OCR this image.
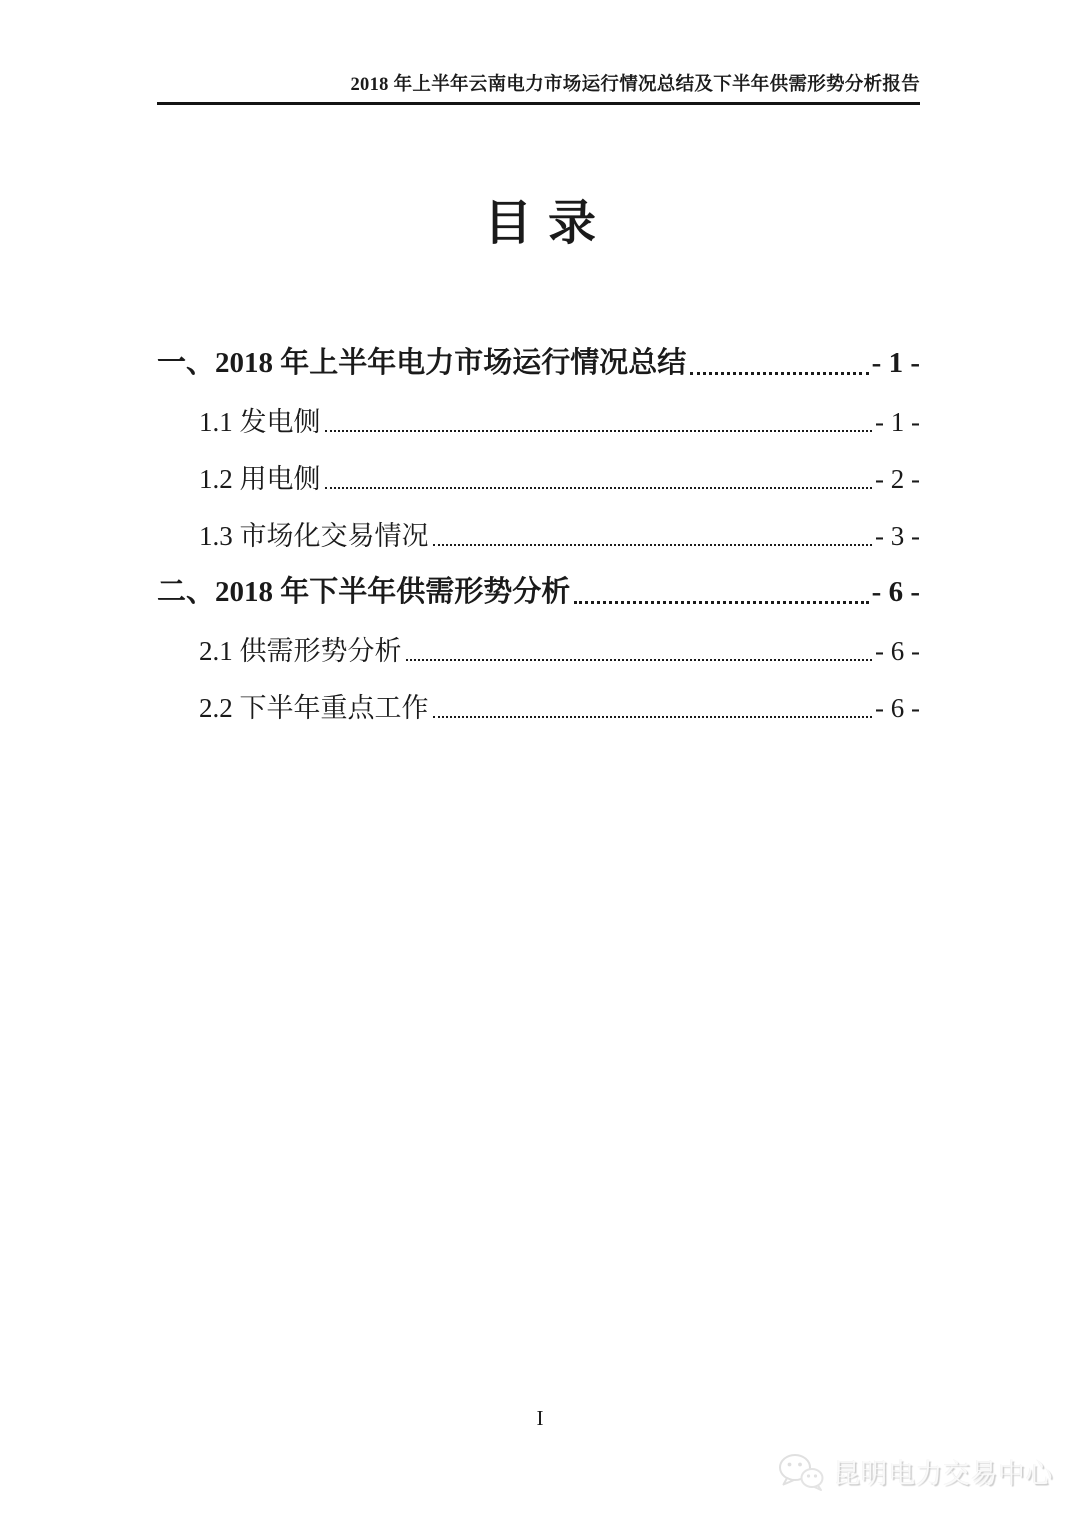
2018 年上半年云南电力市场运行情况总结及下半年供需形势分析报告
目录
一、2018 年上半年电力市场运行情况总结	- 1 -
1.1 发电侧	- 1 -
1.2 用电侧	- 2 -
1.3 市场化交易情况	- 3 -
二、2018 年下半年供需形势分析	- 6 -
2.1 供需形势分析	- 6 -
2.2 下半年重点工作	- 6 -
I
昆明电力交易中心
